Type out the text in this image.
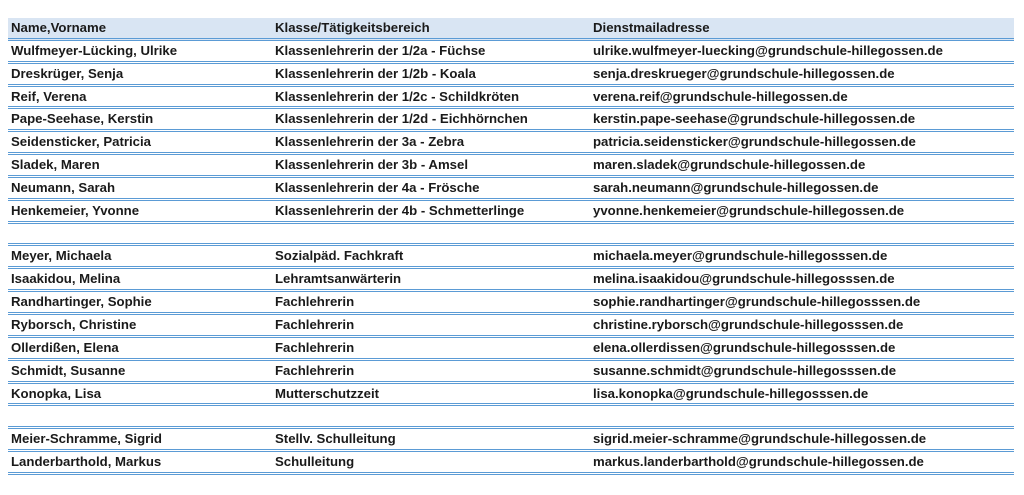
Name,Vorname	Klasse/Tätigkeitsbereich	Dienstmailadresse
Wulfmeyer-Lücking, Ulrike	Klassenlehrerin der 1/2a - Füchse	ulrike.wulfmeyer-luecking@grundschule-hillegossen.de
Dreskrüger, Senja	Klassenlehrerin der 1/2b - Koala	senja.dreskrueger@grundschule-hillegossen.de
Reif, Verena	Klassenlehrerin der 1/2c - Schildkröten	verena.reif@grundschule-hillegossen.de
Pape-Seehase, Kerstin	Klassenlehrerin der 1/2d - Eichhörnchen	kerstin.pape-seehase@grundschule-hillegossen.de
Seidensticker, Patricia	Klassenlehrerin der 3a - Zebra	patricia.seidensticker@grundschule-hillegossen.de
Sladek, Maren	Klassenlehrerin der 3b - Amsel	maren.sladek@grundschule-hillegossen.de
Neumann, Sarah	Klassenlehrerin der 4a - Frösche	sarah.neumann@grundschule-hillegossen.de
Henkemeier, Yvonne	Klassenlehrerin der 4b - Schmetterlinge	yvonne.henkemeier@grundschule-hillegossen.de
Meyer, Michaela	Sozialpäd. Fachkraft	michaela.meyer@grundschule-hillegosssen.de
Isaakidou, Melina	Lehramtsanwärterin	melina.isaakidou@grundschule-hillegosssen.de
Randhartinger, Sophie	Fachlehrerin	sophie.randhartinger@grundschule-hillegosssen.de
Ryborsch, Christine	Fachlehrerin	christine.ryborsch@grundschule-hillegosssen.de
Ollerdißen, Elena	Fachlehrerin	elena.ollerdissen@grundschule-hillegosssen.de
Schmidt, Susanne	Fachlehrerin	susanne.schmidt@grundschule-hillegosssen.de
Konopka, Lisa	Mutterschutzzeit	lisa.konopka@grundschule-hillegosssen.de
Meier-Schramme, Sigrid	Stellv. Schulleitung	sigrid.meier-schramme@grundschule-hillegossen.de
Landerbarthold, Markus	Schulleitung	markus.landerbarthold@grundschule-hillegossen.de
